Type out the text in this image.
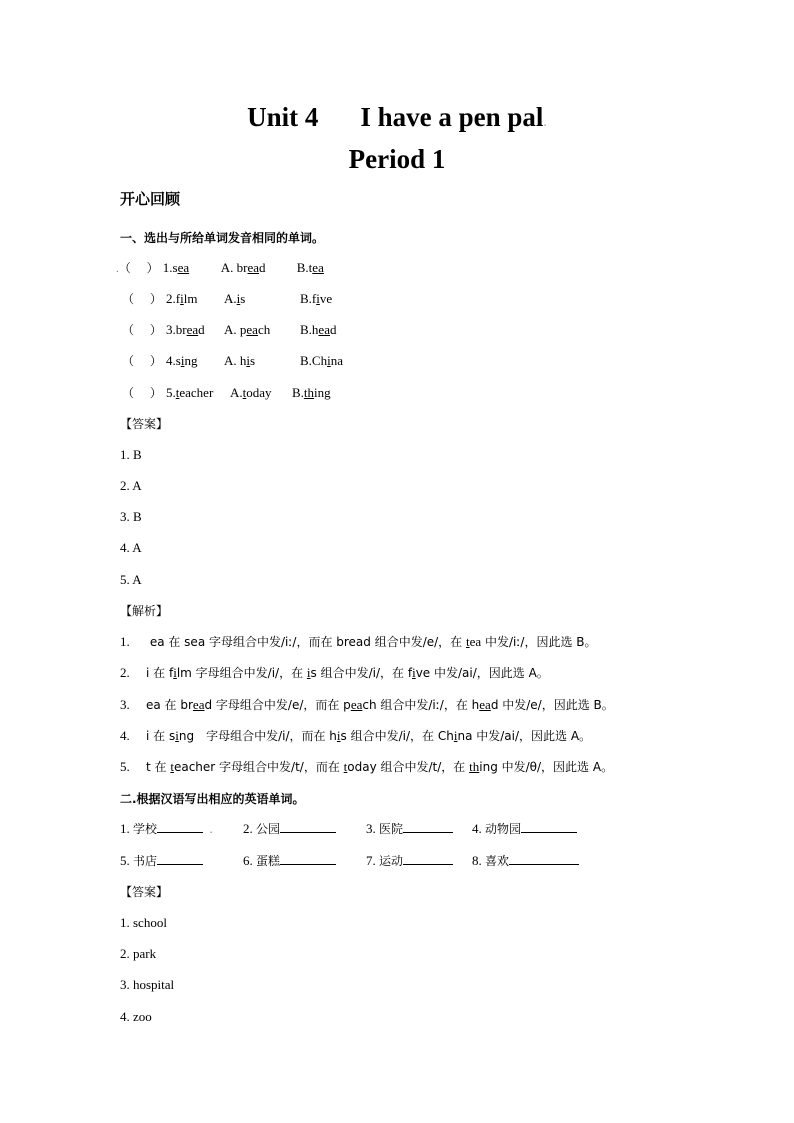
Unit 4 I have a pen pal.
Period 1
开心回顾
一、选出与所给单词发音相同的单词。
.（　 ） 1.sea A. bread B.tea
（　 ） 2.film A.is	B.five
（　 ） 3.bread A. peach B.head
（　 ） 4.sing A. his	B.China
（　 ） 5.teacher A.today B.thing
【答案】
1. B
2. A
3. B
4. A
5. A
【解析】
1. ea 在 sea 字母组合中发/iː/，而在 bread 组合中发/e/，在 tea 中发/iː/，因此选 B。
2. i 在 film 字母组合中发/i/，在 is 组合中发/i/，在 five 中发/ai/，因此选 A。
3. ea 在 bread 字母组合中发/e/，而在 peach 组合中发/iː/，在 head 中发/e/，因此选 B。
4. i 在 sing　字母组合中发/i/，而在 his 组合中发/i/，在 China 中发/ai/，因此选 A。
5. t 在 teacher 字母组合中发/t/，而在 today 组合中发/t/，在 thing 中发/θ/，因此选 A。
二.根据汉语写出相应的英语单词。
1. 学校	. 2. 公园	3. 医院	4. 动物园
5. 书店	6. 蛋糕	7. 运动	8. 喜欢
【答案】
1. school
2. park
3. hospital
4. zoo
